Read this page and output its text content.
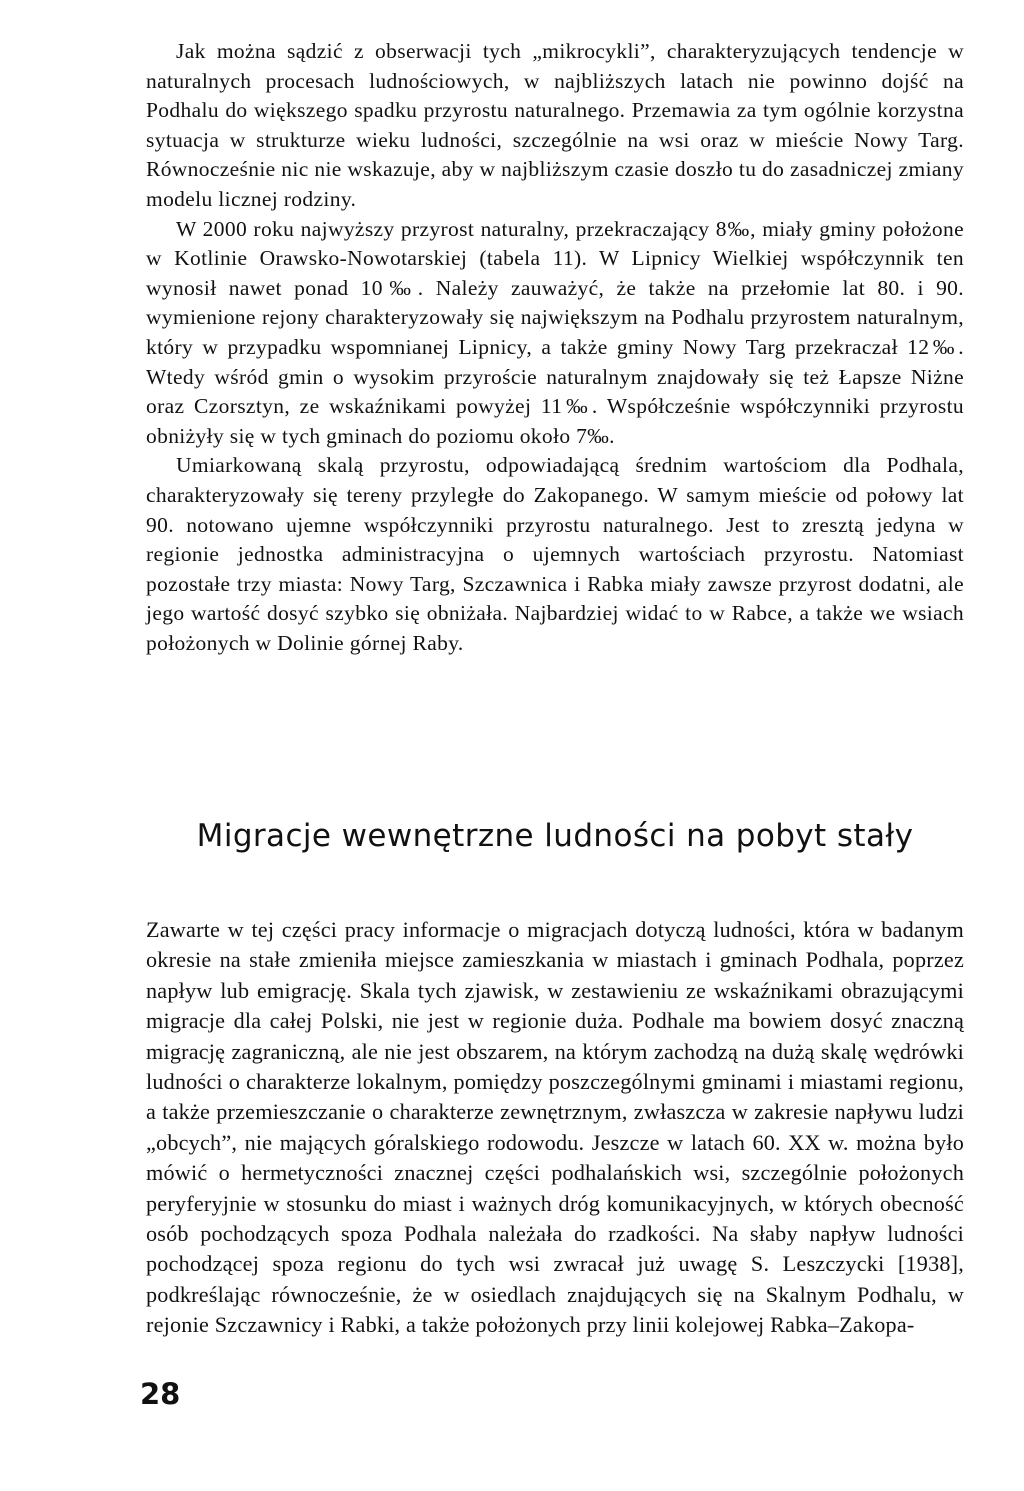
Jak można sądzić z obserwacji tych „mikrocykli”, charakteryzujących tendencje w naturalnych procesach ludnościowych, w najbliższych latach nie powinno dojść na Podhalu do większego spadku przyrostu naturalnego. Przemawia za tym ogólnie korzystna sytuacja w strukturze wieku ludności, szczególnie na wsi oraz w mieście Nowy Targ. Równocześnie nic nie wskazuje, aby w najbliższym czasie doszło tu do zasadniczej zmiany modelu licznej rodziny.

W 2000 roku najwyższy przyrost naturalny, przekraczający 8‰, miały gminy położone w Kotlinie Orawsko-Nowotarskiej (tabela 11). W Lipnicy Wielkiej współczynnik ten wynosił nawet ponad 10‰. Należy zauważyć, że także na przełomie lat 80. i 90. wymienione rejony charakteryzowały się największym na Podhalu przyrostem naturalnym, który w przypadku wspomnianej Lipnicy, a także gminy Nowy Targ przekraczał 12‰. Wtedy wśród gmin o wysokim przyroście naturalnym znajdowały się też Łapsze Niżne oraz Czorsztyn, ze wskaźnikami powyżej 11‰. Współcześnie współczynniki przyrostu obniżyły się w tych gminach do poziomu około 7‰.

Umiarkowaną skalą przyrostu, odpowiadającą średnim wartościom dla Podhala, charakteryzowały się tereny przyległe do Zakopanego. W samym mieście od połowy lat 90. notowano ujemne współczynniki przyrostu naturalnego. Jest to zresztą jedyna w regionie jednostka administracyjna o ujemnych wartościach przyrostu. Natomiast pozostałe trzy miasta: Nowy Targ, Szczawnica i Rabka miały zawsze przyrost dodatni, ale jego wartość dosyć szybko się obniżała. Najbardziej widać to w Rabce, a także we wsiach położonych w Dolinie górnej Raby.

Migracje wewnętrzne ludności na pobyt stały

Zawarte w tej części pracy informacje o migracjach dotyczą ludności, która w badanym okresie na stałe zmieniła miejsce zamieszkania w miastach i gminach Podhala, poprzez napływ lub emigrację. Skala tych zjawisk, w zestawieniu ze wskaźnikami obrazującymi migracje dla całej Polski, nie jest w regionie duża. Podhale ma bowiem dosyć znaczną migrację zagraniczną, ale nie jest obszarem, na którym zachodzą na dużą skalę wędrówki ludności o charakterze lokalnym, pomiędzy poszczególnymi gminami i miastami regionu, a także przemieszczanie o charakterze zewnętrznym, zwłaszcza w zakresie napływu ludzi „obcych”, nie mających góralskiego rodowodu. Jeszcze w latach 60. XX w. można było mówić o hermetyczności znacznej części podhalańskich wsi, szczególnie położonych peryferyjnie w stosunku do miast i ważnych dróg komunikacyjnych, w których obecność osób pochodzących spoza Podhala należała do rzadkości. Na słaby napływ ludności pochodzącej spoza regionu do tych wsi zwracał już uwagę S. Leszczycki [1938], podkreślając równocześnie, że w osiedlach znajdujących się na Skalnym Podhalu, w rejonie Szczawnicy i Rabki, a także położonych przy linii kolejowej Rabka–Zakopa-

28
